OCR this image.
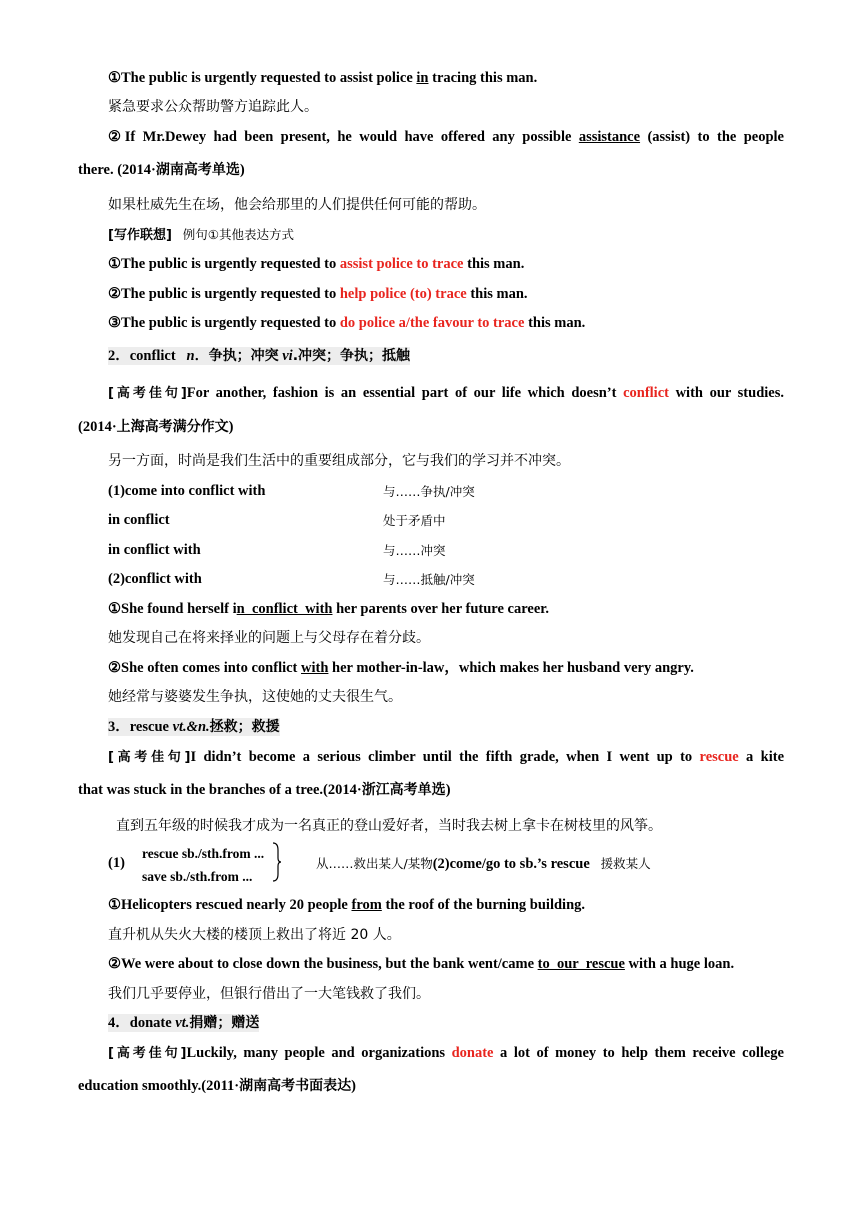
①The public is urgently requested to assist police in tracing this man.
紧急要求公众帮助警方追踪此人。
②If Mr.Dewey had been present, he would have offered any possible assistance (assist) to the people
there. (2014·湖南高考单选)
如果杜威先生在场，他会给那里的人们提供任何可能的帮助。
[写作联想] 例句①其他表达方式
①The public is urgently requested to assist police to trace this man.
②The public is urgently requested to help police (to) trace this man.
③The public is urgently requested to do police a/the favour to trace this man.
2．conflict n．争执；冲突 vi.冲突；争执；抵触
[高考佳句]For another, fashion is an essential part of our life which doesn’t conflict with our studies.
(2014·上海高考满分作文)
另一方面，时尚是我们生活中的重要组成部分，它与我们的学习并不冲突。
(1)come into conflict with	与……争执/冲突
in conflict	处于矛盾中
in conflict with	与……冲突
(2)conflict with	与……抵触/冲突
①She found herself in  conflict  with her parents over her future career.
她发现自己在将来择业的问题上与父母存在着分歧。
②She often comes into conflict with her mother-in-law，which makes her husband very angry.
她经常与婆婆发生争执，这使她的丈夫很生气。
3．rescue vt.&n.拯救；救援
[高考佳句]I didn’t become a serious climber until the fifth grade, when I went up to rescue a kite
that was stuck in the branches of a tree.(2014·浙江高考单选)
直到五年级的时候我才成为一名真正的登山爱好者，当时我去树上拿卡在树枝里的风筝。
(1)
rescue sb./sth.from ...
save sb./sth.from ...
从……救出某人/某物(2)come/go to sb.’s rescue 援救某人
①Helicopters rescued nearly 20 people from the roof of the burning building.
直升机从失火大楼的楼顶上救出了将近 20 人。
②We were about to close down the business, but the bank went/came to  our  rescue with a huge loan.
我们几乎要停业，但银行借出了一大笔钱救了我们。
4．donate vt.捐赠；赠送
[高考佳句]Luckily, many people and organizations donate a lot of money to help them receive college
education smoothly.(2011·湖南高考书面表达)
